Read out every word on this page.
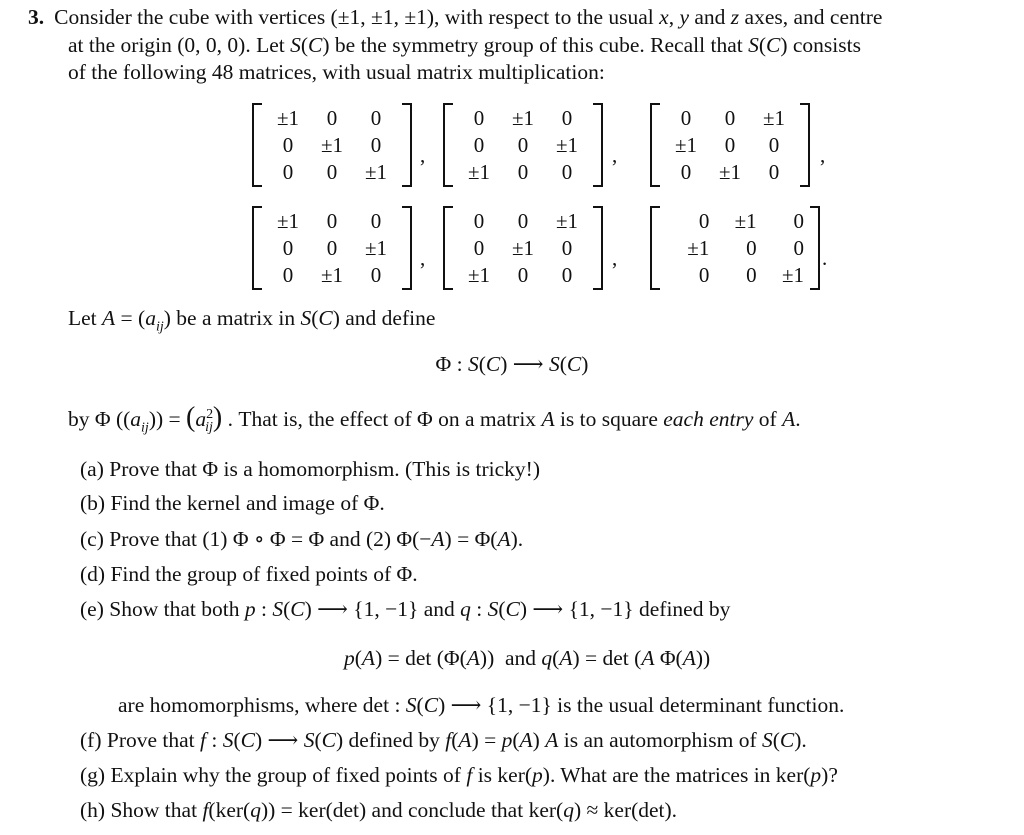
3. Consider the cube with vertices (±1, ±1, ±1), with respect to the usual x, y and z axes, and centre
at the origin (0, 0, 0). Let S(C) be the symmetry group of this cube. Recall that S(C) consists
of the following 48 matrices, with usual matrix multiplication:
±1	0	0
0	±1	0
0	0	±1
,
0	±1	0
0	0	±1
±1	0	0
,
0	0	±1
±1	0	0
0	±1	0
,
±1	0	0
0	0	±1
0	±1	0
,
0	0	±1
0	±1	0
±1	0	0
,
0	±1	0
±1	0	0
0	0	±1
.
Let $A = (a_{ij})$ be a matrix in S(C) and define
Φ : S(C) ⟶ S(C)
by Φ $((a_{ij})) = (a^2_{ij})$ . That is, the effect of Φ on a matrix A is to square each entry of A.
(a) Prove that Φ is a homomorphism. (This is tricky!)
(b) Find the kernel and image of Φ.
(c) Prove that (1) Φ ∘ Φ = Φ and (2) Φ(−A) = Φ(A).
(d) Find the group of fixed points of Φ.
(e) Show that both p : S(C) ⟶ {1, −1} and q : S(C) ⟶ {1, −1} defined by
p(A) = det (Φ(A))  and q(A) = det (A Φ(A))
are homomorphisms, where det : S(C) ⟶ {1, −1} is the usual determinant function.
(f) Prove that f : S(C) ⟶ S(C) defined by f(A) = p(A) A is an automorphism of S(C).
(g) Explain why the group of fixed points of f is ker(p). What are the matrices in ker(p)?
(h) Show that f(ker(q)) = ker(det) and conclude that ker(q) ≈ ker(det).
